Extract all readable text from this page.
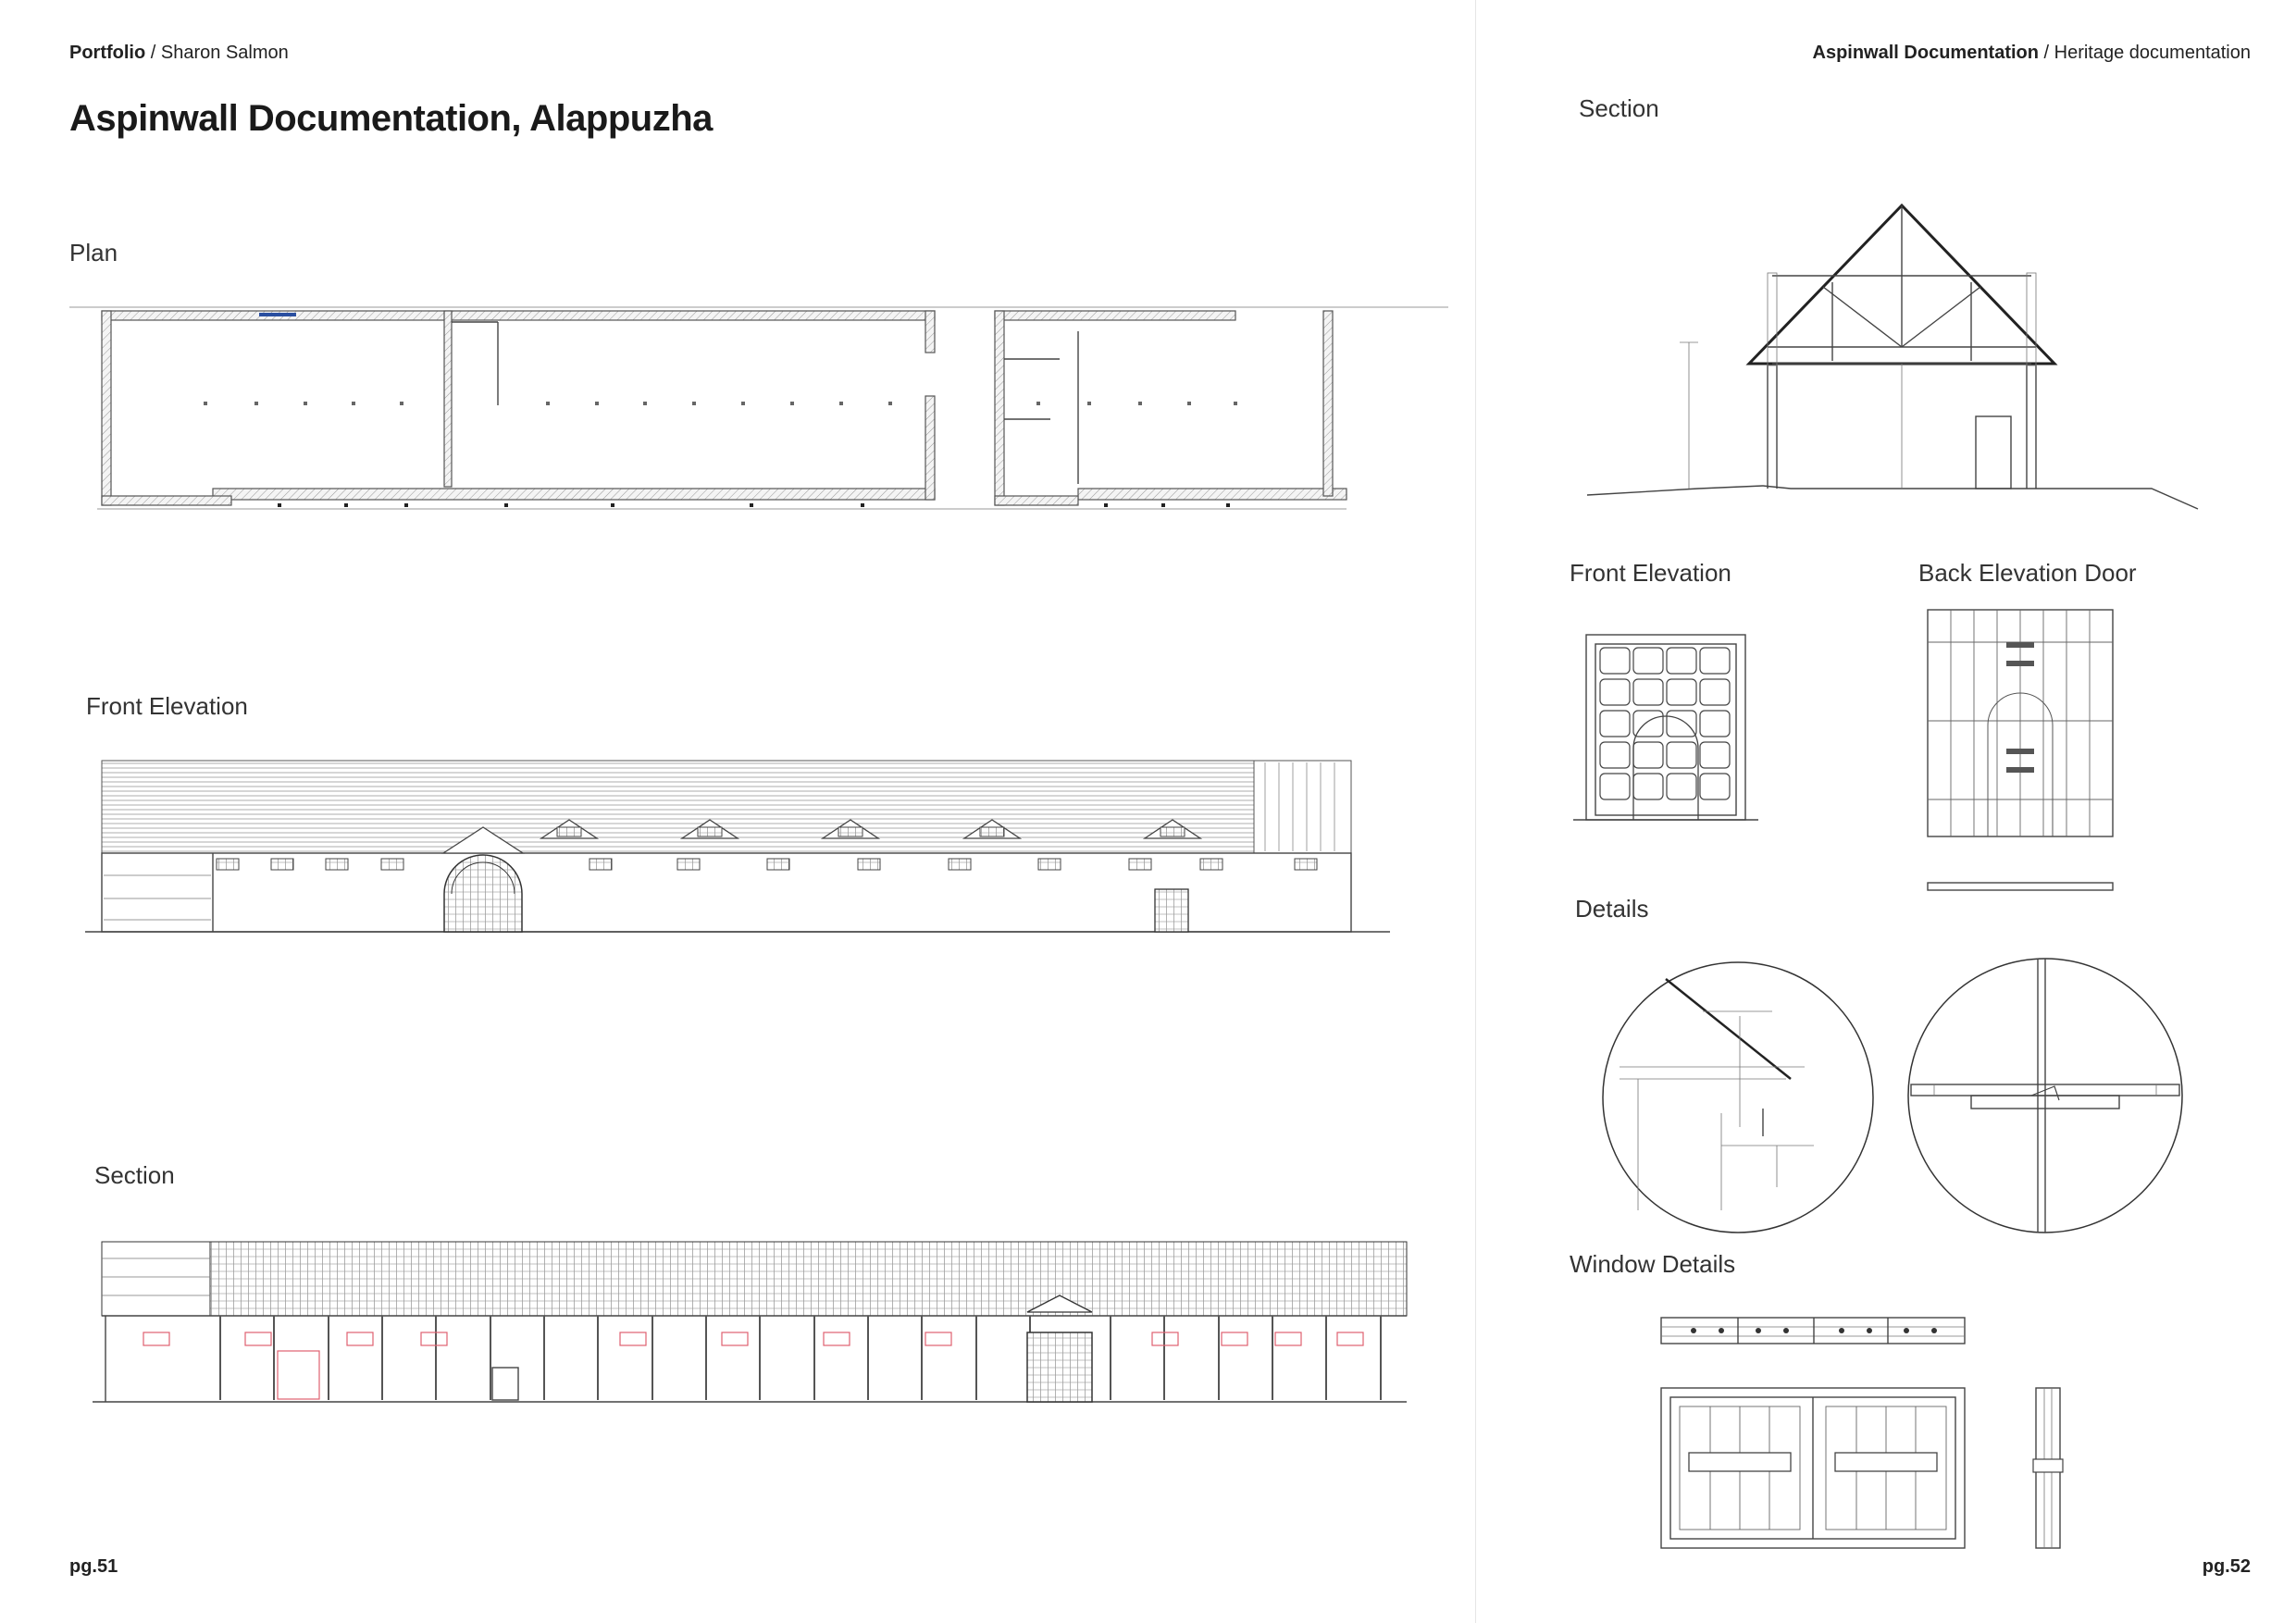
Portfolio / Sharon Salmon
Aspinwall Documentation, Alappuzha
Plan
Front Elevation
Section
pg.51
Aspinwall Documentation / Heritage documentation
Section
Front Elevation	Back Elevation Door
Details
Window Details
pg.52
